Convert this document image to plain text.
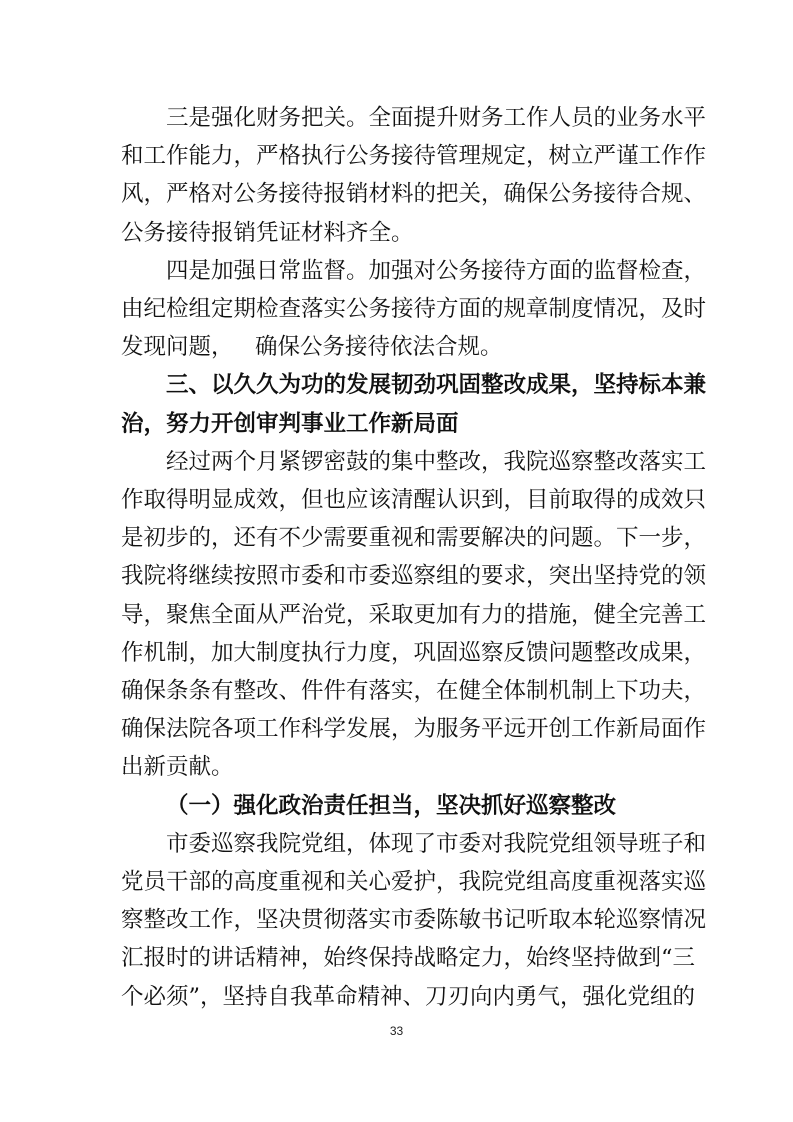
三是强化财务把关。全面提升财务工作人员的业务水平
和工作能力，严格执行公务接待管理规定，树立严谨工作作
风，严格对公务接待报销材料的把关，确保公务接待合规、
公务接待报销凭证材料齐全。
四是加强日常监督。加强对公务接待方面的监督检查，
由纪检组定期检查落实公务接待方面的规章制度情况，及时
发现问题，   确保公务接待依法合规。
三、以久久为功的发展韧劲巩固整改成果，坚持标本兼
治，努力开创审判事业工作新局面
经过两个月紧锣密鼓的集中整改，我院巡察整改落实工
作取得明显成效，但也应该清醒认识到，目前取得的成效只
是初步的，还有不少需要重视和需要解决的问题。下一步，
我院将继续按照市委和市委巡察组的要求，突出坚持党的领
导，聚焦全面从严治党，采取更加有力的措施，健全完善工
作机制，加大制度执行力度，巩固巡察反馈问题整改成果，
确保条条有整改、件件有落实，在健全体制机制上下功夫，
确保法院各项工作科学发展，为服务平远开创工作新局面作
出新贡献。
（一）强化政治责任担当，坚决抓好巡察整改
市委巡察我院党组，体现了市委对我院党组领导班子和
党员干部的高度重视和关心爱护，我院党组高度重视落实巡
察整改工作，坚决贯彻落实市委陈敏书记听取本轮巡察情况
汇报时的讲话精神，始终保持战略定力，始终坚持做到“三
个必须”，坚持自我革命精神、刀刃向内勇气，强化党组的
33
